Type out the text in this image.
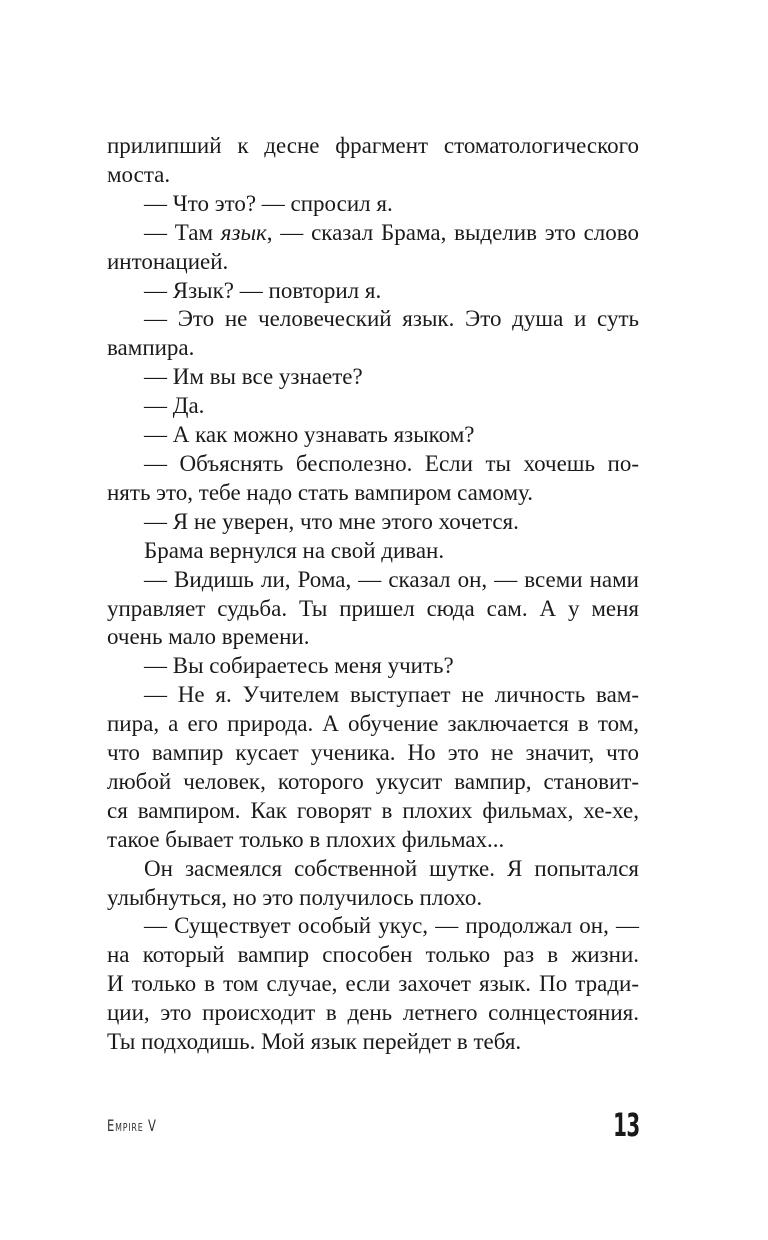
прилипший к десне фрагмент стоматологического
моста.
— Что это? — спросил я.
— Там язык, — сказал Брама, выделив это слово
интонацией.
— Язык? — повторил я.
— Это не человеческий язык. Это душа и суть
вампира.
— Им вы все узнаете?
— Да.
— А как можно узнавать языком?
— Объяснять бесполезно. Если ты хочешь по-
нять это, тебе надо стать вампиром самому.
— Я не уверен, что мне этого хочется.
Брама вернулся на свой диван.
— Видишь ли, Рома, — сказал он, — всеми нами
управляет судьба. Ты пришел сюда сам. А у меня
очень мало времени.
— Вы собираетесь меня учить?
— Не я. Учителем выступает не личность вам-
пира, а его природа. А обучение заключается в том,
что вампир кусает ученика. Но это не значит, что
любой человек, которого укусит вампир, становит-
ся вампиром. Как говорят в плохих фильмах, хе-хе,
такое бывает только в плохих фильмах...
Он засмеялся собственной шутке. Я попытался
улыбнуться, но это получилось плохо.
— Существует особый укус, — продолжал он, —
на который вампир способен только раз в жизни.
И только в том случае, если захочет язык. По тради-
ции, это происходит в день летнего солнцестояния.
Ты подходишь. Мой язык перейдет в тебя.
Empire V	13
